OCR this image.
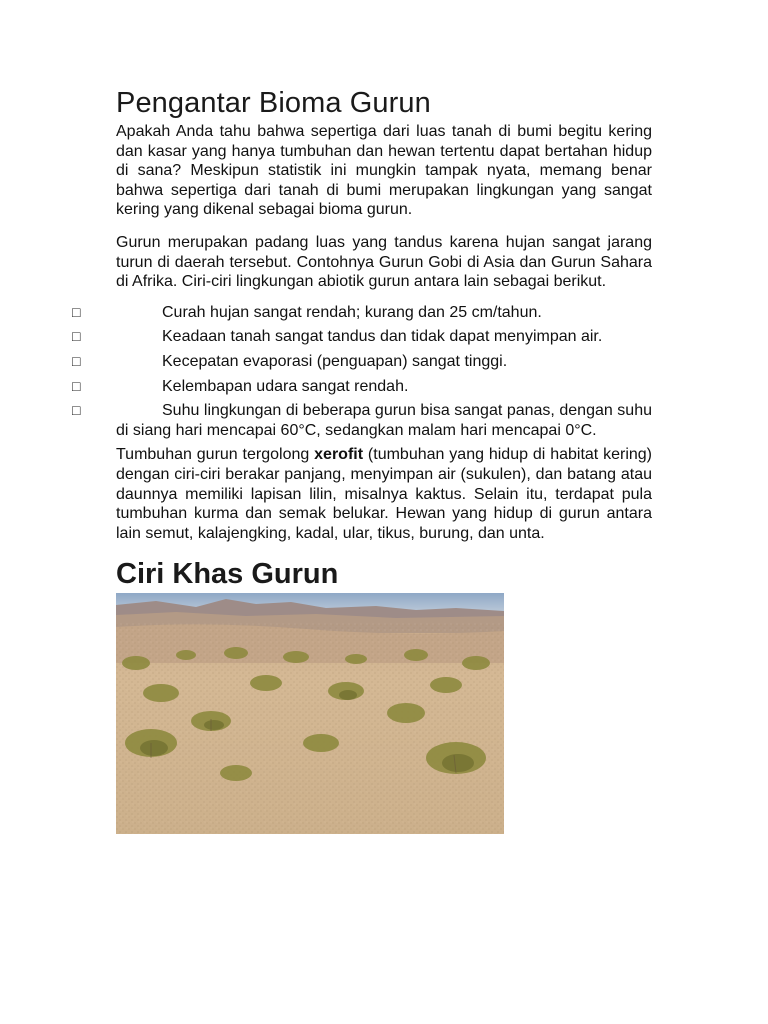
Pengantar Bioma Gurun

Apakah Anda tahu bahwa sepertiga dari luas tanah di bumi begitu kering dan kasar yang hanya tumbuhan dan hewan tertentu dapat bertahan hidup di sana? Meskipun statistik ini mungkin tampak nyata, memang benar bahwa sepertiga dari tanah di bumi merupakan lingkungan yang sangat kering yang dikenal sebagai bioma gurun.

Gurun merupakan padang luas yang tandus karena hujan sangat jarang turun di daerah tersebut. Contohnya Gurun Gobi di Asia dan Gurun Sahara di Afrika. Ciri-ciri lingkungan abiotik gurun antara lain sebagai berikut.

□	Curah hujan sangat rendah; kurang dan 25 cm/tahun.
□	Keadaan tanah sangat tandus dan tidak dapat menyimpan air.
□	Kecepatan evaporasi (penguapan) sangat tinggi.
□	Kelembapan udara sangat rendah.
□	Suhu lingkungan di beberapa gurun bisa sangat panas, dengan suhu di siang hari mencapai 60°C, sedangkan malam hari mencapai 0°C.

Tumbuhan gurun tergolong xerofit (tumbuhan yang hidup di habitat kering) dengan ciri-ciri berakar panjang, menyimpan air (sukulen), dan batang atau daunnya memiliki lapisan lilin, misalnya kaktus. Selain itu, terdapat pula tumbuhan kurma dan semak belukar. Hewan yang hidup di gurun antara lain semut, kalajengking, kadal, ular, tikus, burung, dan unta.

Ciri Khas Gurun
